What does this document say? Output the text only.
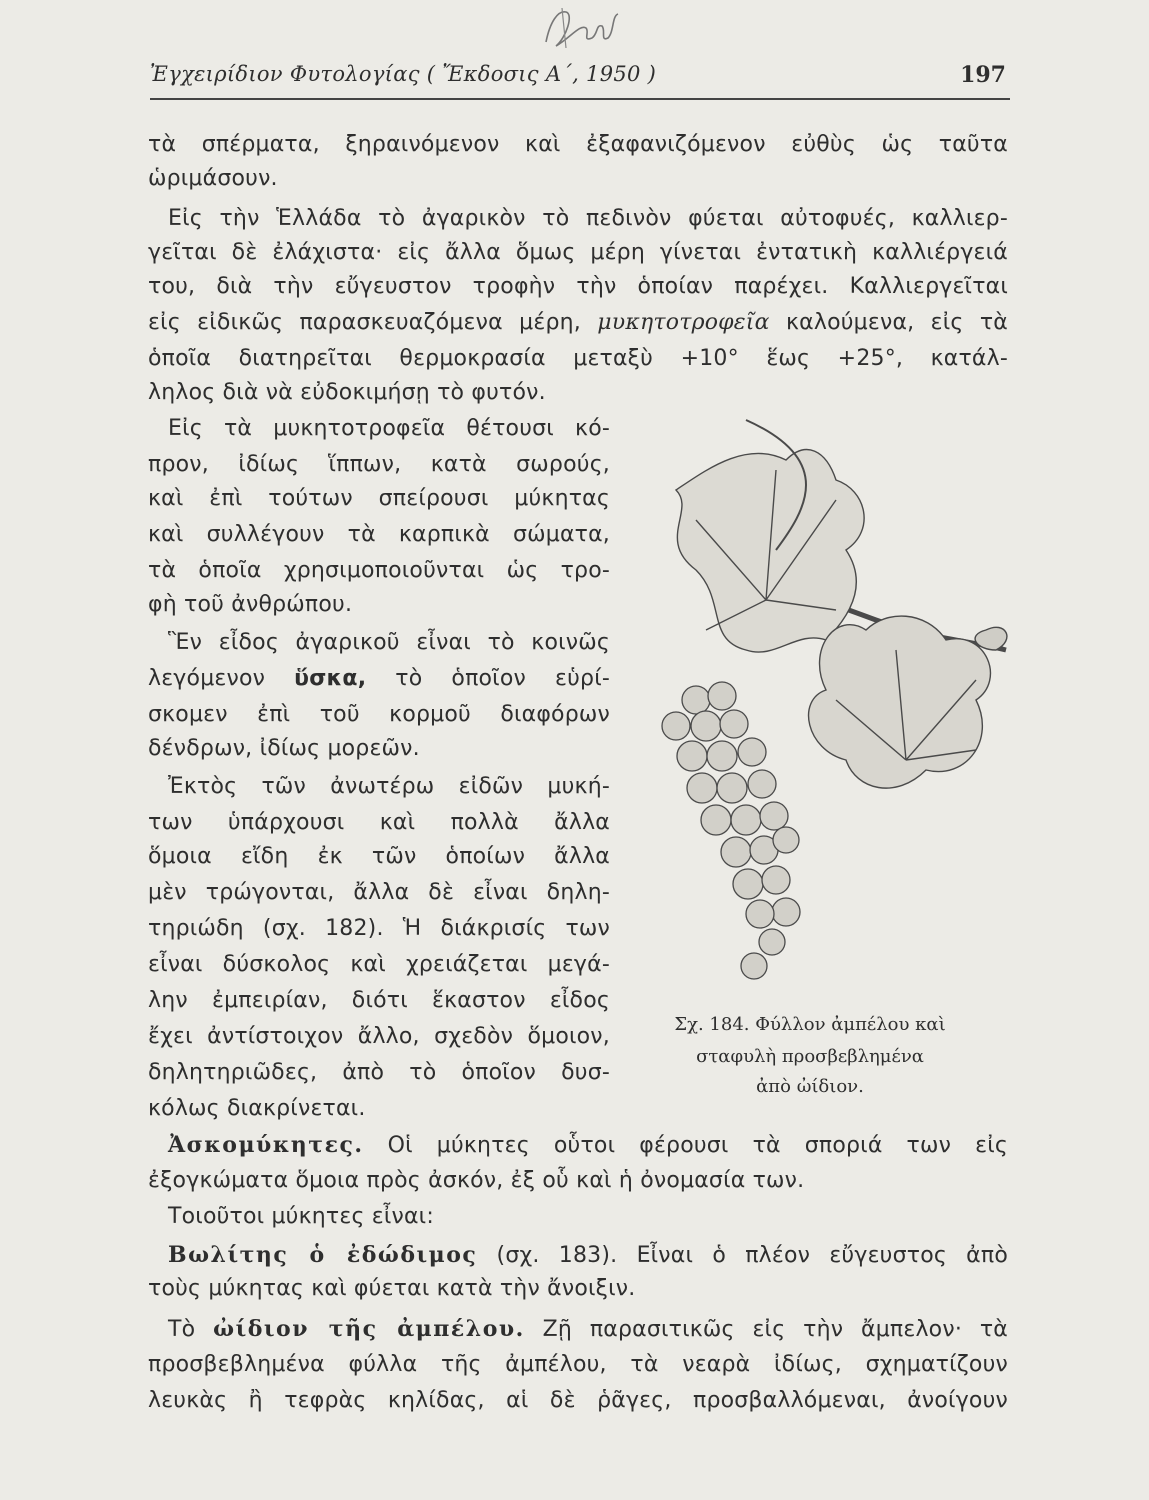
Ἐγχειρίδιον Φυτολογίας ( Ἔκδοσις Α΄, 1950 )	197
τὰ σπέρματα, ξηραινόμενον καὶ ἐξαφανιζόμενον εὐθὺς ὡς ταῦτα
ὡριμάσουν.
Εἰς τὴν Ἑλλάδα τὸ ἀγαρικὸν τὸ πεδινὸν φύεται αὐτοφυές, καλλιερ-
γεῖται δὲ ἐλάχιστα· εἰς ἄλλα ὅμως μέρη γίνεται ἐντατικὴ καλλιέργειά
του, διὰ τὴν εὔγευστον τροφὴν τὴν ὁποίαν παρέχει. Καλλιεργεῖται
εἰς εἰδικῶς παρασκευαζόμενα μέρη, μυκητοτροφεῖα καλούμενα, εἰς τὰ
ὁποῖα διατηρεῖται θερμοκρασία μεταξὺ +10° ἕως +25°, κατάλ-
ληλος διὰ νὰ εὐδοκιμήσῃ τὸ φυτόν.
Εἰς τὰ μυκητοτροφεῖα θέτουσι κό-
προν, ἰδίως ἵππων, κατὰ σωρούς,
καὶ ἐπὶ τούτων σπείρουσι μύκητας
καὶ συλλέγουν τὰ καρπικὰ σώματα,
τὰ ὁποῖα χρησιμοποιοῦνται ὡς τρο-
φὴ τοῦ ἀνθρώπου.
Ἓν εἶδος ἀγαρικοῦ εἶναι τὸ κοινῶς
λεγόμενον ὕσκα, τὸ ὁποῖον εὑρί-
σκομεν ἐπὶ τοῦ κορμοῦ διαφόρων
δένδρων, ἰδίως μορεῶν.
Ἐκτὸς τῶν ἀνωτέρω εἰδῶν μυκή-
των ὑπάρχουσι καὶ πολλὰ ἄλλα
ὅμοια εἴδη ἐκ τῶν ὁποίων ἄλλα
μὲν τρώγονται, ἄλλα δὲ εἶναι δηλη-
τηριώδη (σχ. 182). Ἡ διάκρισίς των
εἶναι δύσκολος καὶ χρειάζεται μεγά-
λην ἐμπειρίαν, διότι ἕκαστον εἶδος
ἔχει ἀντίστοιχον ἄλλο, σχεδὸν ὅμοιον,
δηλητηριῶδες, ἀπὸ τὸ ὁποῖον δυσ-
κόλως διακρίνεται.
Σχ. 184. Φύλλον ἀμπέλου καὶ
σταφυλὴ προσβεβλημένα
ἀπὸ ὠίδιον.
Ἀσκομύκητες. Οἱ μύκητες οὗτοι φέρουσι τὰ σποριά των εἰς
ἐξογκώματα ὅμοια πρὸς ἀσκόν, ἐξ οὗ καὶ ἡ ὀνομασία των.
Τοιοῦτοι μύκητες εἶναι:
Βωλίτης ὁ ἐδώδιμος (σχ. 183). Εἶναι ὁ πλέον εὔγευστος ἀπὸ
τοὺς μύκητας καὶ φύεται κατὰ τὴν ἄνοιξιν.
Τὸ ὠίδιον τῆς ἀμπέλου. Ζῇ παρασιτικῶς εἰς τὴν ἄμπελον· τὰ
προσβεβλημένα φύλλα τῆς ἀμπέλου, τὰ νεαρὰ ἰδίως, σχηματίζουν
λευκὰς ἢ τεφρὰς κηλίδας, αἱ δὲ ῥᾶγες, προσβαλλόμεναι, ἀνοίγουν
